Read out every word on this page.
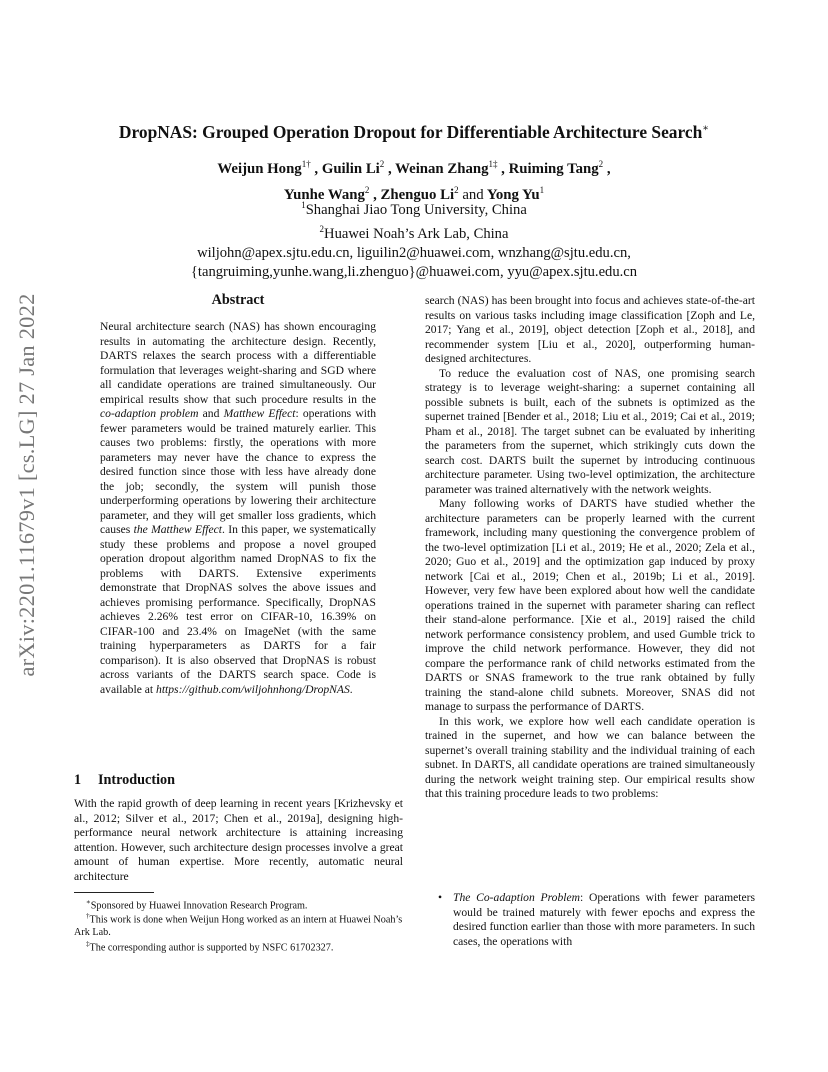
DropNAS: Grouped Operation Dropout for Differentiable Architecture Search∗
Weijun Hong$^{1\dagger}$ , Guilin Li$^2$ , Weinan Zhang$^{1\ddagger}$ , Ruiming Tang$^2$ ,
Yunhe Wang$^2$ , Zhenguo Li$^2$ and Yong Yu$^1$
$^1$Shanghai Jiao Tong University, China
$^2$Huawei Noah’s Ark Lab, China
wiljohn@apex.sjtu.edu.cn, liguilin2@huawei.com, wnzhang@sjtu.edu.cn,
{tangruiming,yunhe.wang,li.zhenguo}@huawei.com, yyu@apex.sjtu.edu.cn
arXiv:2201.11679v1 [cs.LG] 27 Jan 2022	Abstract

Neural architecture search (NAS) has shown encouraging results in automating the architecture design. Recently, DARTS relaxes the search process with a differentiable formulation that leverages weight-sharing and SGD where all candidate operations are trained simultaneously. Our empirical results show that such procedure results in the co-adaption problem and Matthew Effect: operations with fewer parameters would be trained maturely earlier. This causes two problems: firstly, the operations with more parameters may never have the chance to express the desired function since those with less have already done the job; secondly, the system will punish those underperforming operations by lowering their architecture parameter, and they will get smaller loss gradients, which causes the Matthew Effect. In this paper, we systematically study these problems and propose a novel grouped operation dropout algorithm named DropNAS to fix the problems with DARTS. Extensive experiments demonstrate that DropNAS solves the above issues and achieves promising performance. Specifically, DropNAS achieves 2.26% test error on CIFAR-10, 16.39% on CIFAR-100 and 23.4% on ImageNet (with the same training hyperparameters as DARTS for a fair comparison). It is also observed that DropNAS is robust across variants of the DARTS search space. Code is available at https://github.com/wiljohnhong/DropNAS.

1 Introduction

With the rapid growth of deep learning in recent years [Krizhevsky et al., 2012; Silver et al., 2017; Chen et al., 2019a], designing high-performance neural network architecture is attaining increasing attention. However, such architecture design processes involve a great amount of human expertise. More recently, automatic neural architecture

∗Sponsored by Huawei Innovation Research Program.
†This work is done when Weijun Hong worked as an intern at Huawei Noah’s Ark Lab.
‡The corresponding author is supported by NSFC 61702327.

search (NAS) has been brought into focus and achieves state-of-the-art results on various tasks including image classification [Zoph and Le, 2017; Yang et al., 2019], object detection [Zoph et al., 2018], and recommender system [Liu et al., 2020], outperforming human-designed architectures.

To reduce the evaluation cost of NAS, one promising search strategy is to leverage weight-sharing: a supernet containing all possible subnets is built, each of the subnets is optimized as the supernet trained [Bender et al., 2018; Liu et al., 2019; Cai et al., 2019; Pham et al., 2018]. The target subnet can be evaluated by inheriting the parameters from the supernet, which strikingly cuts down the search cost. DARTS built the supernet by introducing continuous architecture parameter. Using two-level optimization, the architecture parameter was trained alternatively with the network weights.

Many following works of DARTS have studied whether the architecture parameters can be properly learned with the current framework, including many questioning the convergence problem of the two-level optimization [Li et al., 2019; He et al., 2020; Zela et al., 2020; Guo et al., 2019] and the optimization gap induced by proxy network [Cai et al., 2019; Chen et al., 2019b; Li et al., 2019]. However, very few have been explored about how well the candidate operations trained in the supernet with parameter sharing can reflect their stand-alone performance. [Xie et al., 2019] raised the child network performance consistency problem, and used Gumble trick to improve the child network performance. However, they did not compare the performance rank of child networks estimated from the DARTS or SNAS framework to the true rank obtained by fully training the stand-alone child subnets. Moreover, SNAS did not manage to surpass the performance of DARTS.

In this work, we explore how well each candidate operation is trained in the supernet, and how we can balance between the supernet’s overall training stability and the individual training of each subnet. In DARTS, all candidate operations are trained simultaneously during the network weight training step. Our empirical results show that this training procedure leads to two problems:

• The Co-adaption Problem: Operations with fewer parameters would be trained maturely with fewer epochs and express the desired function earlier than those with more parameters. In such cases, the operations with
